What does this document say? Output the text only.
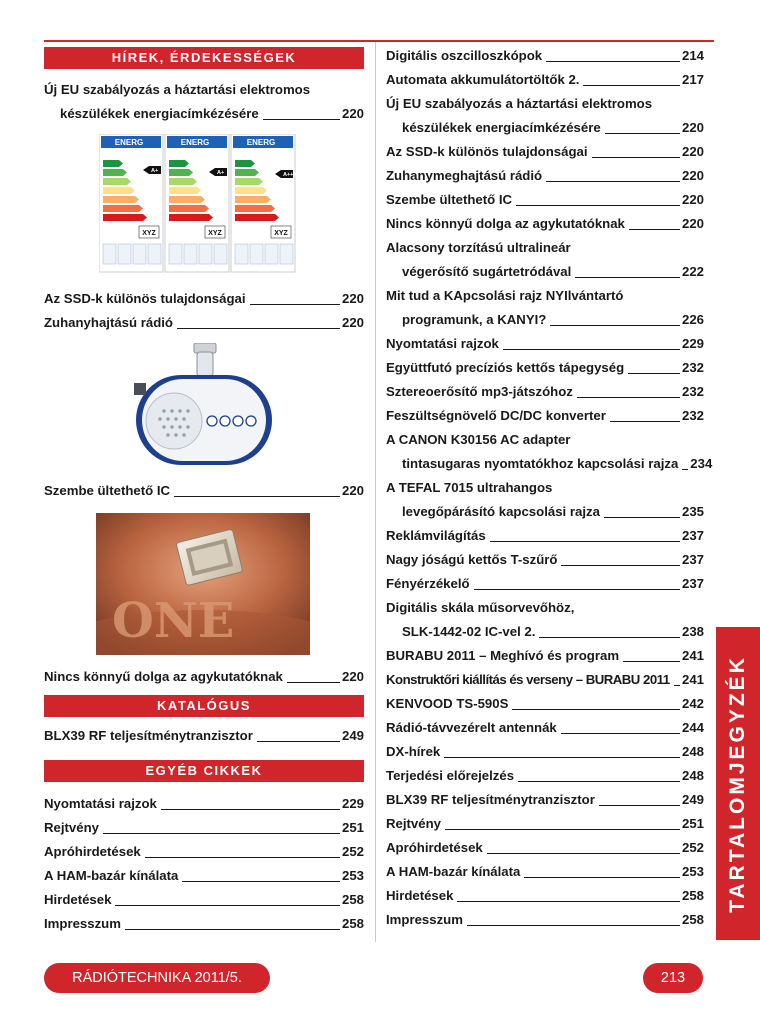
HÍREK, ÉRDEKESSÉGEK
Új EU szabályozás a háztartási elektromos
készülékek energiacímkézésére	220
ENERG
A+
XYZ
ENERG
A+
XYZ
ENERG
A+++
XYZ
Az SSD-k különös tulajdonságai	220
Zuhanyhajtású rádió	220
Szembe ültethető IC	220
ONE
Nincs könnyű dolga az agykutatóknak	220
KATALÓGUS
BLX39 RF teljesítménytranzisztor	249
EGYÉB CIKKEK
Nyomtatási rajzok	229
Rejtvény	251
Apróhirdetések	252
A HAM-bazár kínálata	253
Hirdetések	258
Impresszum	258
Digitális oszcilloszkópok	214
Automata akkumulátortöltők 2.	217
Új EU szabályozás a háztartási elektromos
készülékek energiacímkézésére	220
Az SSD-k különös tulajdonságai	220
Zuhanymeghajtású rádió	220
Szembe ültethető IC	220
Nincs könnyű dolga az agykutatóknak	220
Alacsony torzítású ultralineár
végerősítő sugártetródával	222
Mit tud a KApcsolási rajz NYIlvántartó
programunk, a KANYI?	226
Nyomtatási rajzok	229
Együttfutó precíziós kettős tápegység	232
Sztereoerősítő mp3-játszóhoz	232
Feszültségnövelő DC/DC konverter	232
A CANON K30156 AC adapter
tintasugaras nyomtatókhoz kapcsolási rajza 234
A TEFAL 7015 ultrahangos
levegőpárásító kapcsolási rajza	235
Reklámvilágítás	237
Nagy jóságú kettős T-szűrő	237
Fényérzékelő	237
Digitális skála műsorvevőhöz,
SLK-1442-02 IC-vel 2.	238
BURABU 2011 – Meghívó és program	241
Konstruktőri kiállítás és verseny – BURABU 2011 241
KENVOOD TS-590S	242
Rádió-távvezérelt antennák	244
DX-hírek	248
Terjedési előrejelzés	248
BLX39 RF teljesítménytranzisztor	249
Rejtvény	251
Apróhirdetések	252
A HAM-bazár kínálata	253
Hirdetések	258
Impresszum	258
TARTALOMJEGYZÉK
RÁDIÓTECHNIKA 2011/5.	213
